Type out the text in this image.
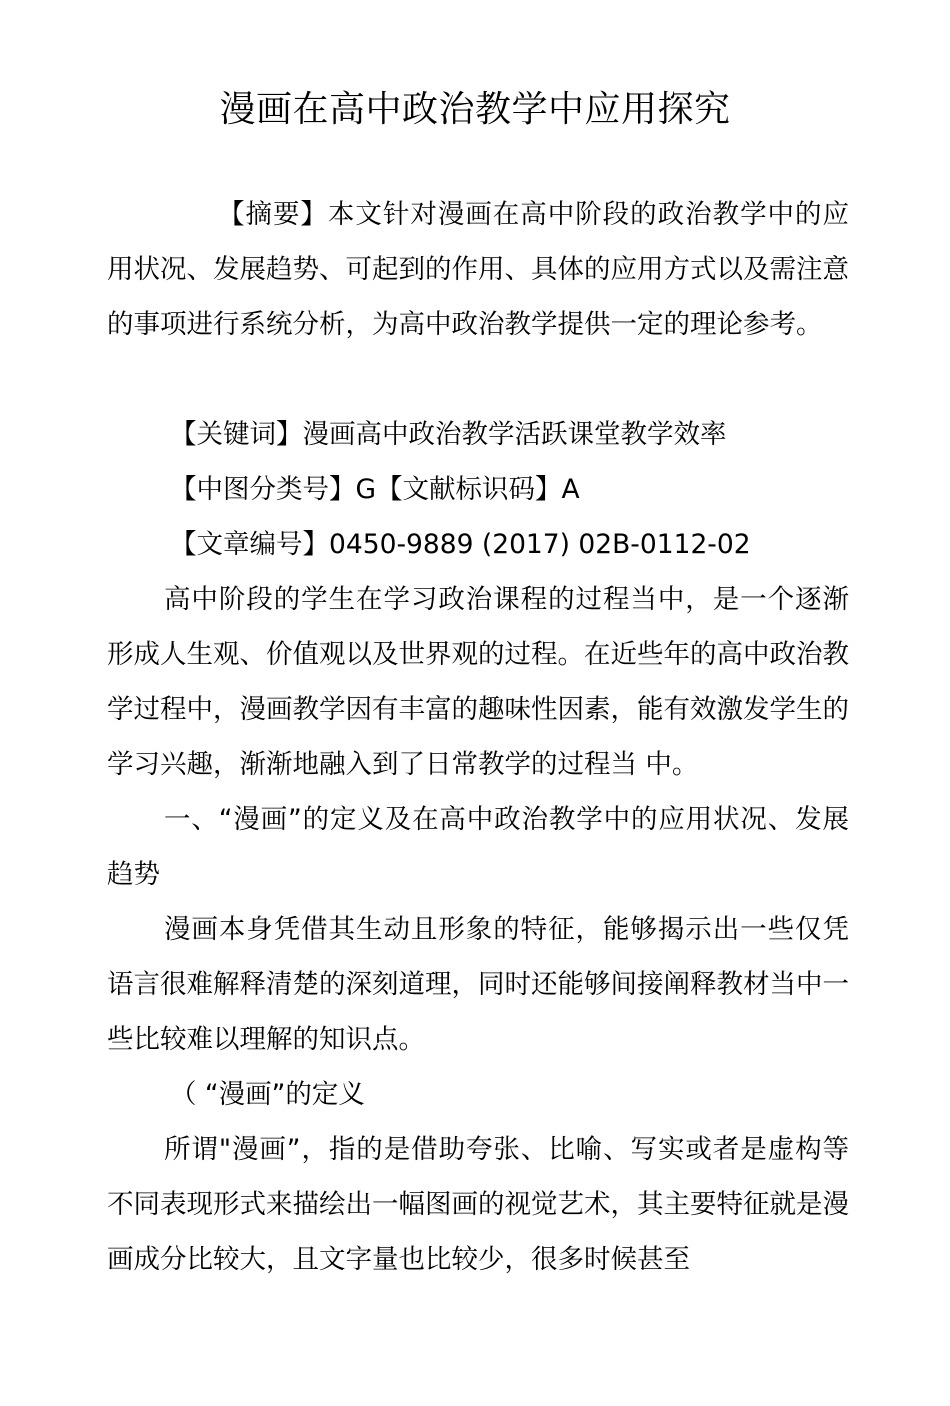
漫画在高中政治教学中应用探究
【摘要】本文针对漫画在高中阶段的政治教学中的应用状况、发展趋势、可起到的作用、具体的应用方式以及需注意的事项进行系统分析，为高中政治教学提供一定的理论参考。
【关键词】漫画高中政治教学活跃课堂教学效率
【中图分类号】G【文献标识码】A
【文章编号】0450-9889 (2017) 02B-0112-02
高中阶段的学生在学习政治课程的过程当中，是一个逐渐形成人生观、价值观以及世界观的过程。在近些年的高中政治教学过程中，漫画教学因有丰富的趣味性因素，能有效激发学生的学习兴趣，渐渐地融入到了日常教学的过程当 中。
一、“漫画”的定义及在高中政治教学中的应用状况、发展趋势
漫画本身凭借其生动且形象的特征，能够揭示出一些仅凭语言很难解释清楚的深刻道理，同时还能够间接阐释教材当中一些比较难以理解的知识点。
（ “漫画”的定义
所谓"漫画”，指的是借助夸张、比喻、写实或者是虚构等不同表现形式来描绘出一幅图画的视觉艺术，其主要特征就是漫画成分比较大，且文字量也比较少，很多时候甚至
